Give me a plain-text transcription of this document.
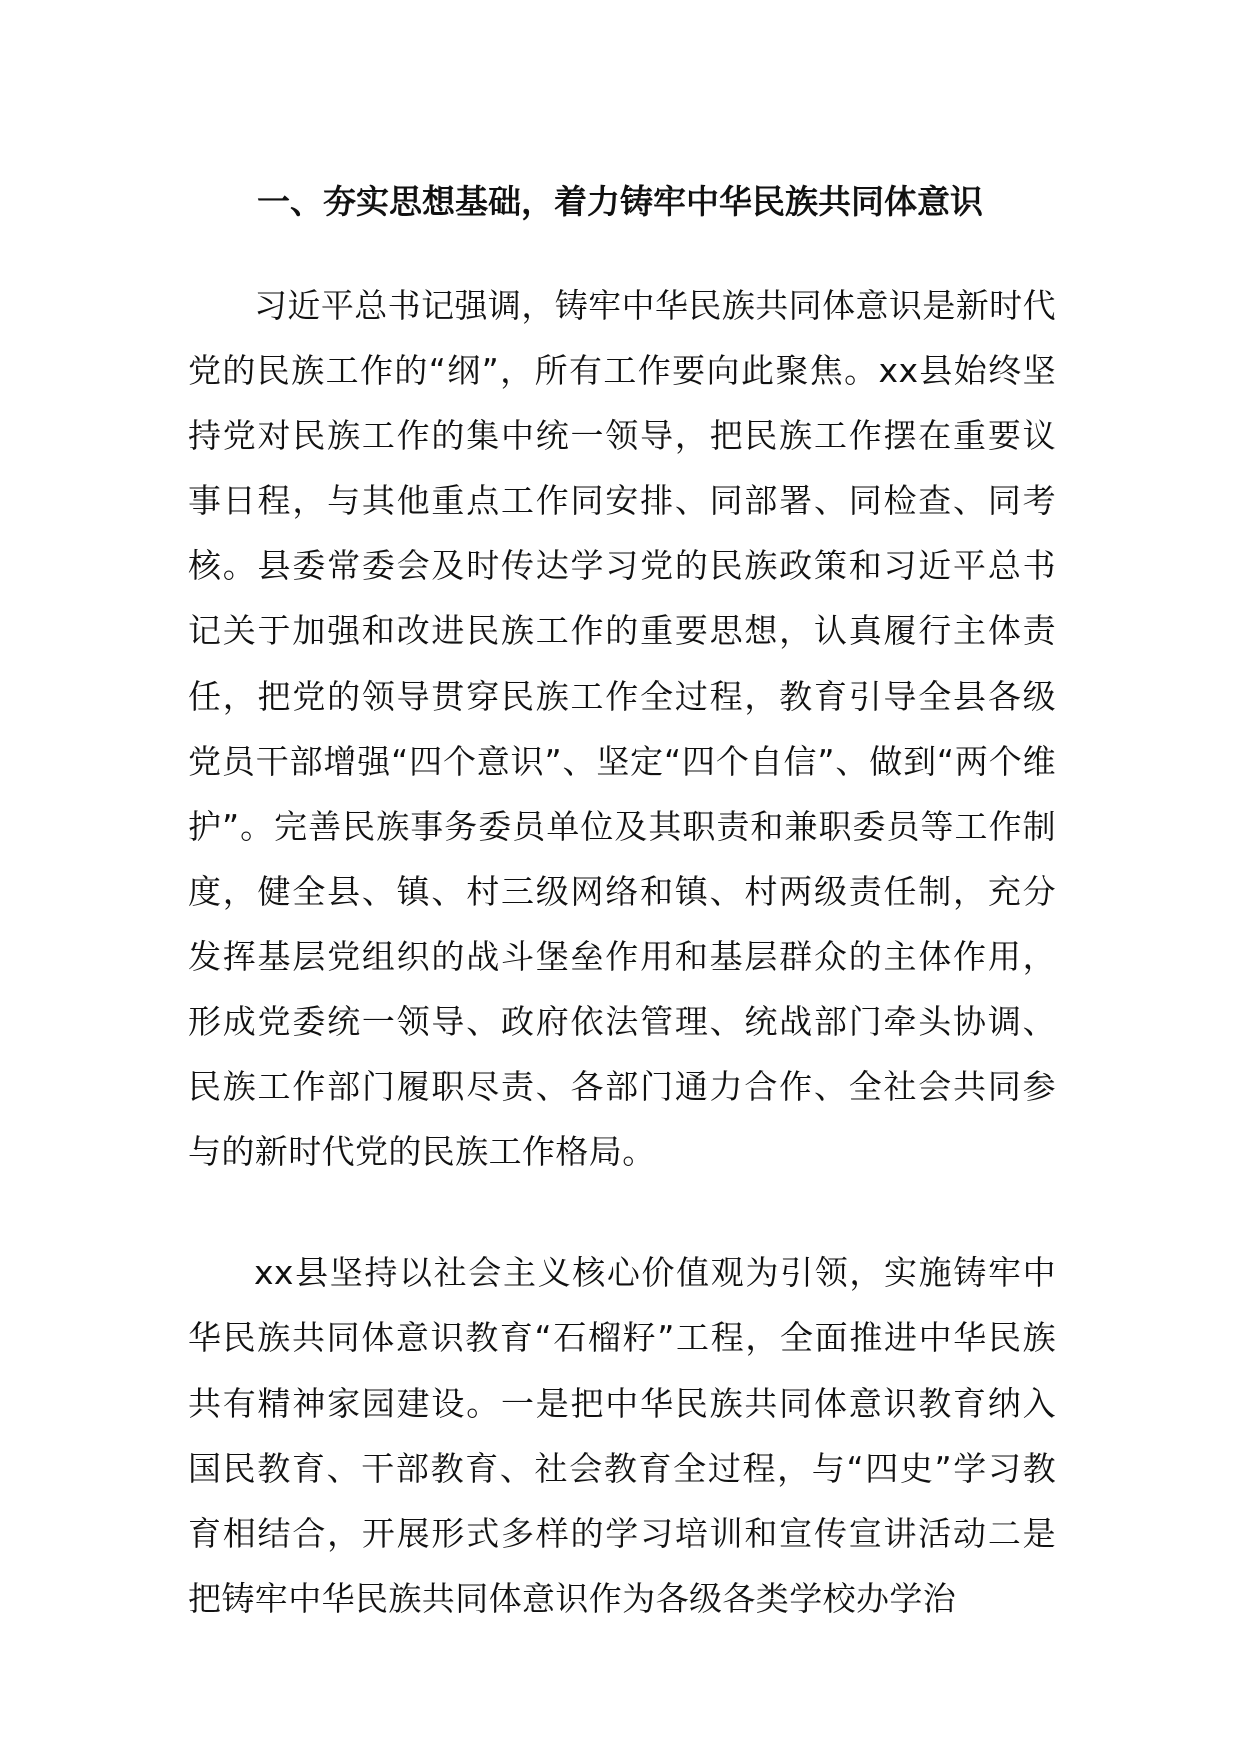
一、夯实思想基础，着力铸牢中华民族共同体意识

习近平总书记强调，铸牢中华民族共同体意识是新时代党的民族工作的“纲”，所有工作要向此聚焦。xx县始终坚持党对民族工作的集中统一领导，把民族工作摆在重要议事日程，与其他重点工作同安排、同部署、同检查、同考核。县委常委会及时传达学习党的民族政策和习近平总书记关于加强和改进民族工作的重要思想，认真履行主体责任，把党的领导贯穿民族工作全过程，教育引导全县各级党员干部增强“四个意识”、坚定“四个自信”、做到“两个维护”。完善民族事务委员单位及其职责和兼职委员等工作制度，健全县、镇、村三级网络和镇、村两级责任制，充分发挥基层党组织的战斗堡垒作用和基层群众的主体作用，形成党委统一领导、政府依法管理、统战部门牵头协调、民族工作部门履职尽责、各部门通力合作、全社会共同参与的新时代党的民族工作格局。

xx县坚持以社会主义核心价值观为引领，实施铸牢中华民族共同体意识教育“石榴籽”工程，全面推进中华民族共有精神家园建设。一是把中华民族共同体意识教育纳入国民教育、干部教育、社会教育全过程，与“四史”学习教育相结合，开展形式多样的学习培训和宣传宣讲活动二是把铸牢中华民族共同体意识作为各级各类学校办学治
